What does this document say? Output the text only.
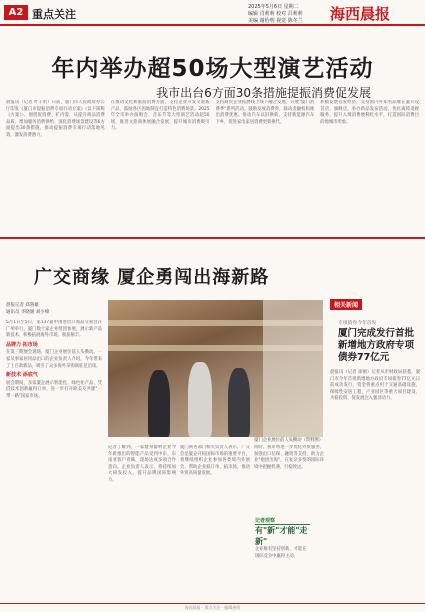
A2 重点关注
2025年5月6日 星期二
编辑 肖莉莉 校对 吕莉莉
美编 谢怡明 视觉 陈冬兰 海西晨报
年内举办超50场大型演艺活动
我市出台6方面30条措施提振消费促发展

晨报讯（记者 叶子昕）日前，厦门市人民政府办公厅印发《厦门市提振消费专项行动方案》（以下简称《方案》），围绕促消费、扩内需，从提升商品消费品质、增加服务消费供给、深化消费场景建设等6方面提出30条措施，推动提振消费专项行动落地见效，激发消费潜力。

在推动文化和旅游消费方面，支持企业开发文旅新产品，鼓励各区因地制宜打造特色消费场景。2025年全市举办演唱会、音乐节等大型演艺活动超50场，推进文旅商体展融合发展，提升城市消费吸引力。

支持商贸企业拓展线上线下融合发展，开展"厦门消费季"系列活动。鼓励发放消费券，联动金融机构推出消费优惠。推动汽车以旧换新，支持新能源汽车下乡，促进家电家居消费更新换代。

积极发展首发经济，支持国内外知名品牌在厦开设首店、旗舰店，举办新品发布活动。优化离境退税服务，提升入境消费便利化水平，打造国际消费目的地城市形象。

广交商缘 厦企勇闯出海新路
晨报记者 郑鲁雄
通讯员 李晓媛 刘少峰

5月1日至5日，第137届中国进出口商品交易会在广州举行。厦门数十家企业组团参展，展示新产品新技术，积极拓展海外市场，收获颇丰。

品牌力 拓市场

在第三期展会现场，厦门企业展位前人头攒动。一家从事家居用品出口的企业负责人介绍，今年带来了上百款新品，吸引了众多海外采购商驻足洽谈。

新技术 添底气

展会期间，多家厦企展示智能化、绿色化产品，凭借技术创新赢得订单，进一步打开欧美及共建"一带一路"国家市场。

厦门企业展位前人头攒动（资料图）

记者了解到，一家健身器材企业今年新推出的智能产品受到中东、东南亚客户青睐，现场达成多项合作意向。企业负责人表示，将持续加大研发投入，提升品牌国际影响力。

厦门商务部门相关负责人表示，广交会是厦企开拓国际市场的重要平台，将继续组织企业参加各类境内外展会，帮助企业稳订单、拓市场，推动外贸高质量发展。

同时，我市将进一步优化外贸服务，加强出口信保、融资等支持，助力企业"抱团出海"，在复杂多变的国际环境中把握机遇、行稳致远。

记者观察
有"新"才能"走新"
企业唯有坚持创新，才能在国际竞争中赢得主动。
相关新闻
专项债券今年首发
厦门完成发行首批新增地方政府专项债券77亿元

晨报讯（记者 徐丽）记者从市财政局获悉，厦门市今年首批新增地方政府专项债券77亿元日前成功发行，资金将重点用于交通基础设施、保障性安居工程、产业园区等重大项目建设，为稳投资、促发展注入强劲动力。

海西晨报 · 重点关注 · 编辑热线
